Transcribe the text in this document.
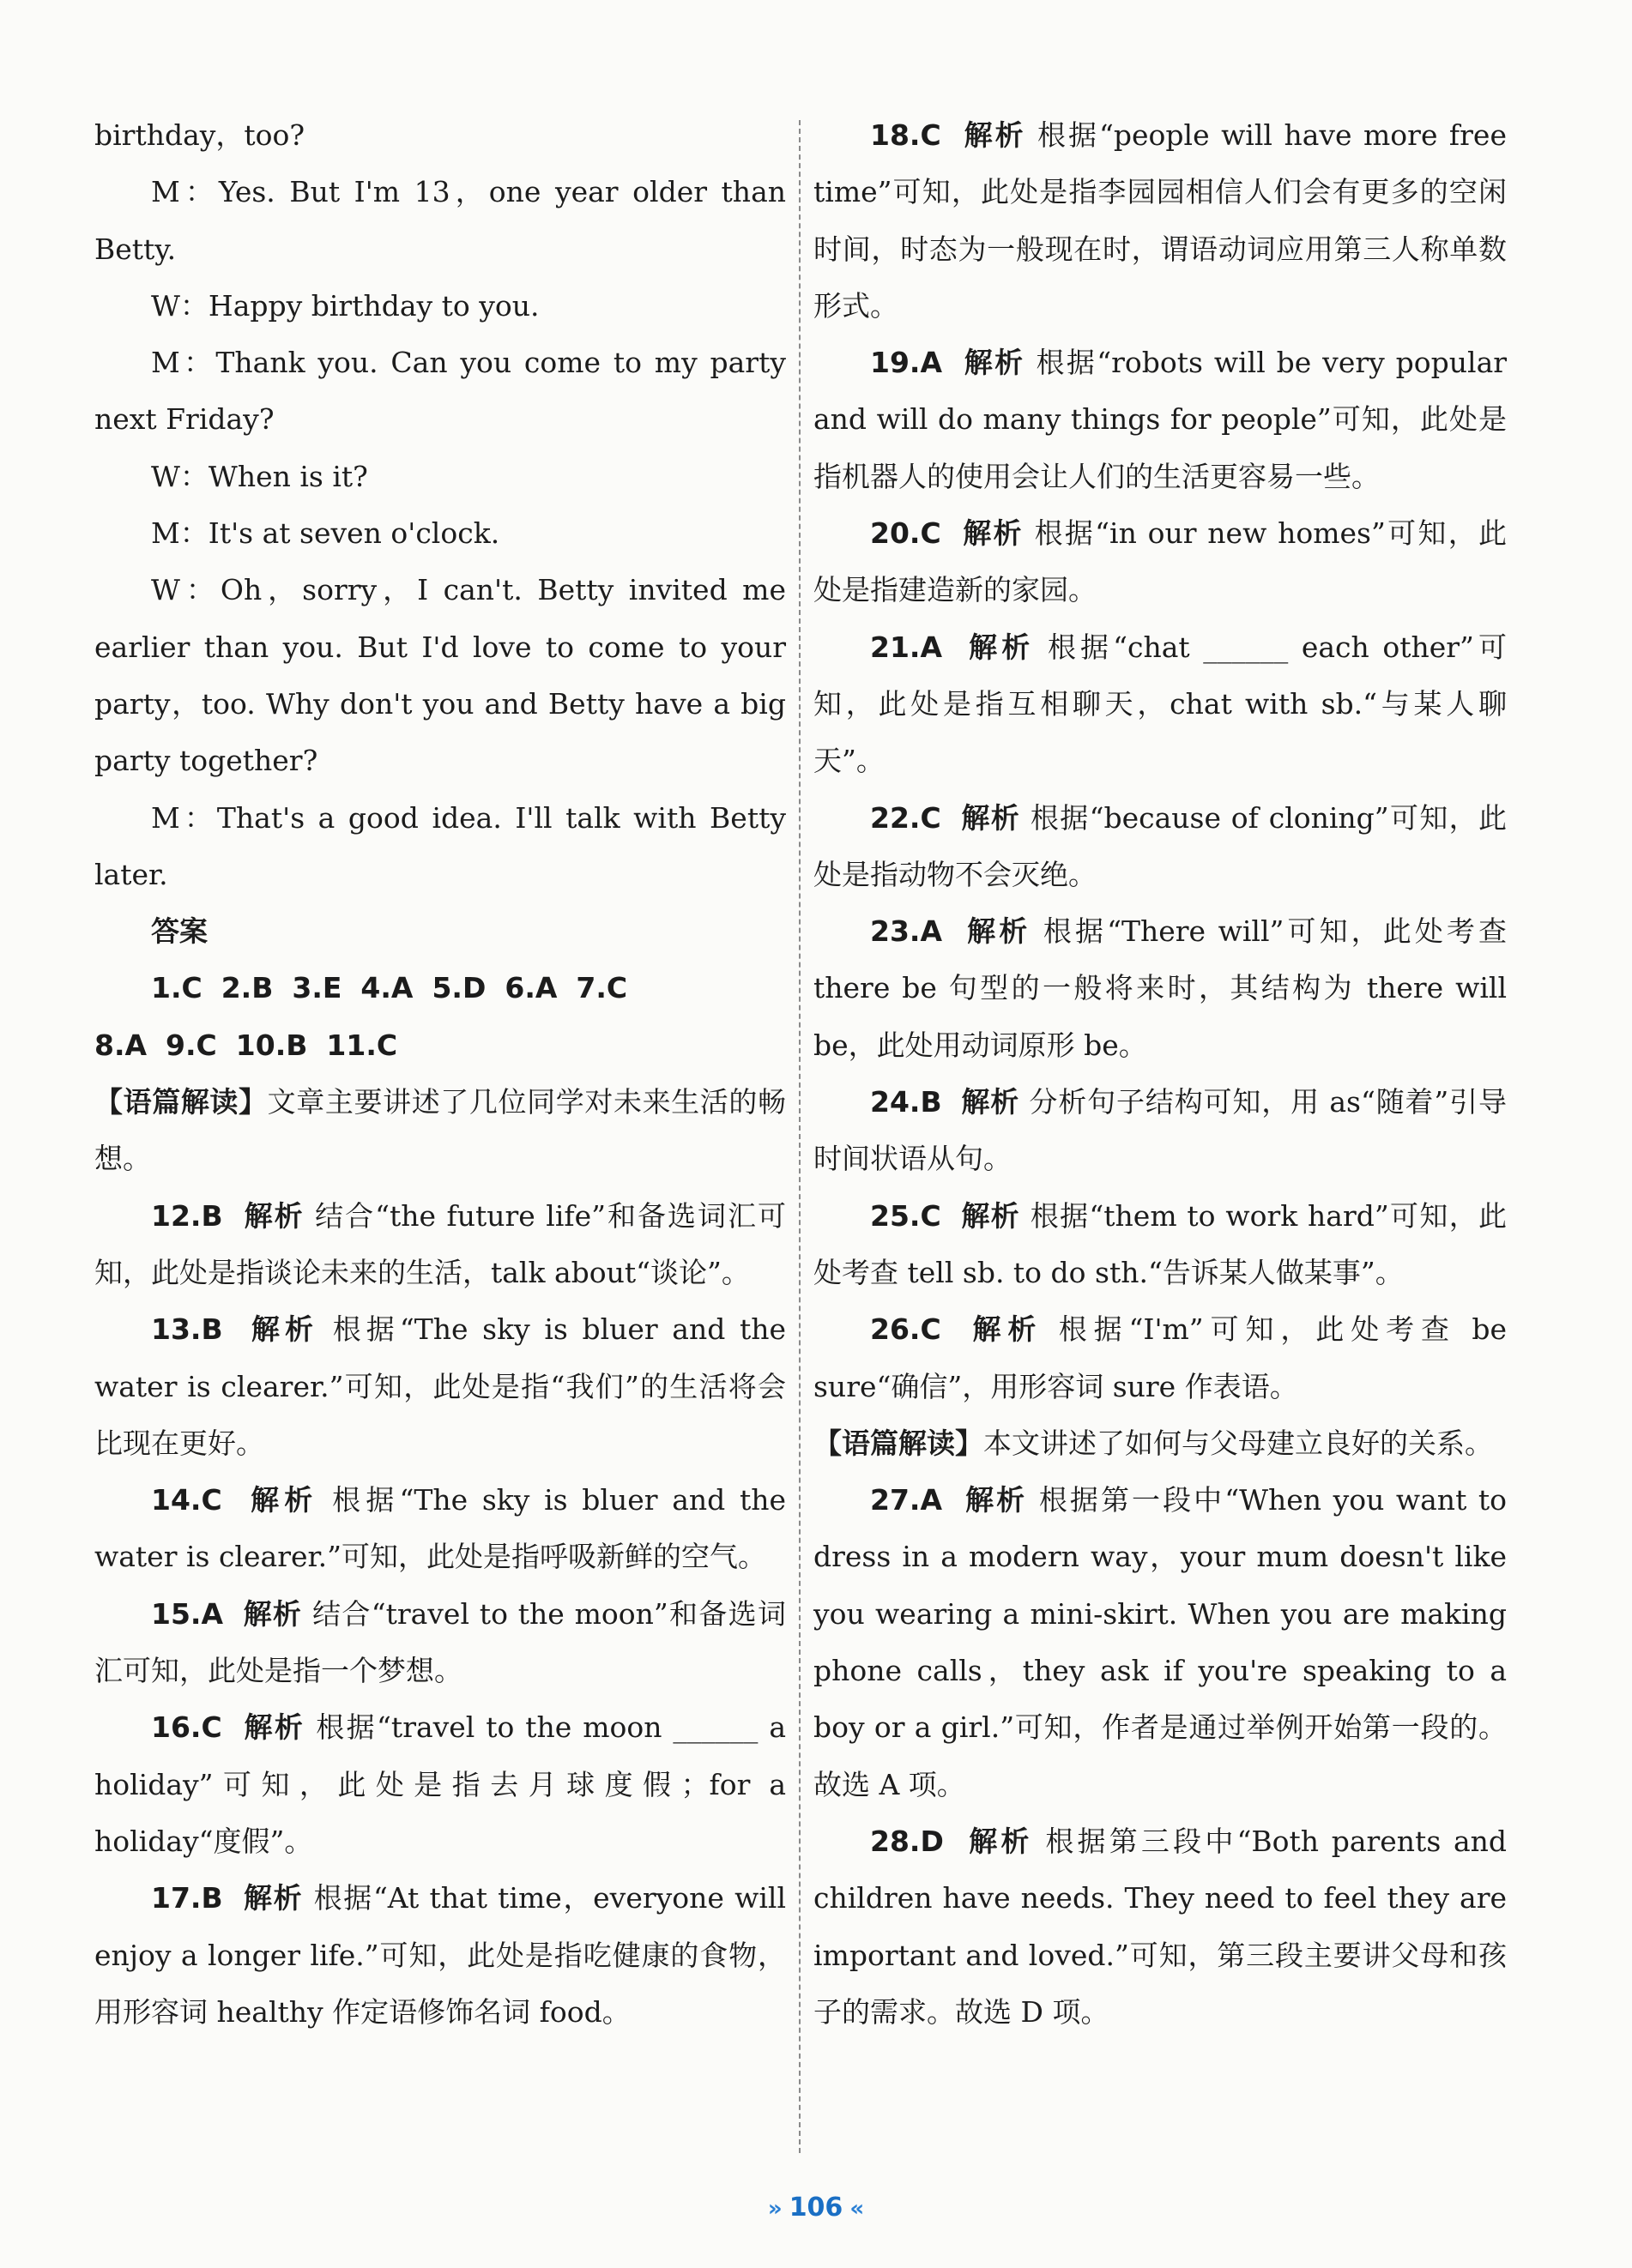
birthday，too?

M：Yes. But I'm 13，one year older than Betty.

W：Happy birthday to you.

M：Thank you. Can you come to my party next Friday?

W：When is it?

M：It's at seven o'clock.

W：Oh，sorry，I can't. Betty invited me earlier than you. But I'd love to come to your party，too. Why don't you and Betty have a big party together?

M：That's a good idea. I'll talk with Betty later.

答案

1.C 2.B 3.E 4.A 5.D 6.A 7.C

8.A 9.C 10.B 11.C

【语篇解读】文章主要讲述了几位同学对未来生活的畅想。

12.B 解析 结合“the future life”和备选词汇可知，此处是指谈论未来的生活，talk about“谈论”。

13.B 解析 根据“The sky is bluer and the water is clearer.”可知，此处是指“我们”的生活将会比现在更好。

14.C 解析 根据“The sky is bluer and the water is clearer.”可知，此处是指呼吸新鲜的空气。

15.A 解析 结合“travel to the moon”和备选词汇可知，此处是指一个梦想。

16.C 解析 根据“travel to the moon ______ a holiday”可知，此处是指去月球度假；for a holiday“度假”。

17.B 解析 根据“At that time，everyone will enjoy a longer life.”可知，此处是指吃健康的食物，用形容词 healthy 作定语修饰名词 food。

18.C 解析 根据“people will have more free time”可知，此处是指李园园相信人们会有更多的空闲时间，时态为一般现在时，谓语动词应用第三人称单数形式。

19.A 解析 根据“robots will be very popular and will do many things for people”可知，此处是指机器人的使用会让人们的生活更容易一些。

20.C 解析 根据“in our new homes”可知，此处是指建造新的家园。

21.A 解析 根据“chat ______ each other”可知，此处是指互相聊天，chat with sb.“与某人聊天”。

22.C 解析 根据“because of cloning”可知，此处是指动物不会灭绝。

23.A 解析 根据“There will”可知，此处考查 there be 句型的一般将来时，其结构为 there will be，此处用动词原形 be。

24.B 解析 分析句子结构可知，用 as“随着”引导时间状语从句。

25.C 解析 根据“them to work hard”可知，此处考查 tell sb. to do sth.“告诉某人做某事”。

26.C 解析 根据“I'm”可知，此处考查 be sure“确信”，用形容词 sure 作表语。

【语篇解读】本文讲述了如何与父母建立良好的关系。

27.A 解析 根据第一段中“When you want to dress in a modern way，your mum doesn't like you wearing a mini-skirt. When you are making phone calls，they ask if you're speaking to a boy or a girl.”可知，作者是通过举例开始第一段的。故选 A 项。

28.D 解析 根据第三段中“Both parents and children have needs. They need to feel they are important and loved.”可知，第三段主要讲父母和孩子的需求。故选 D 项。

» 106 «
